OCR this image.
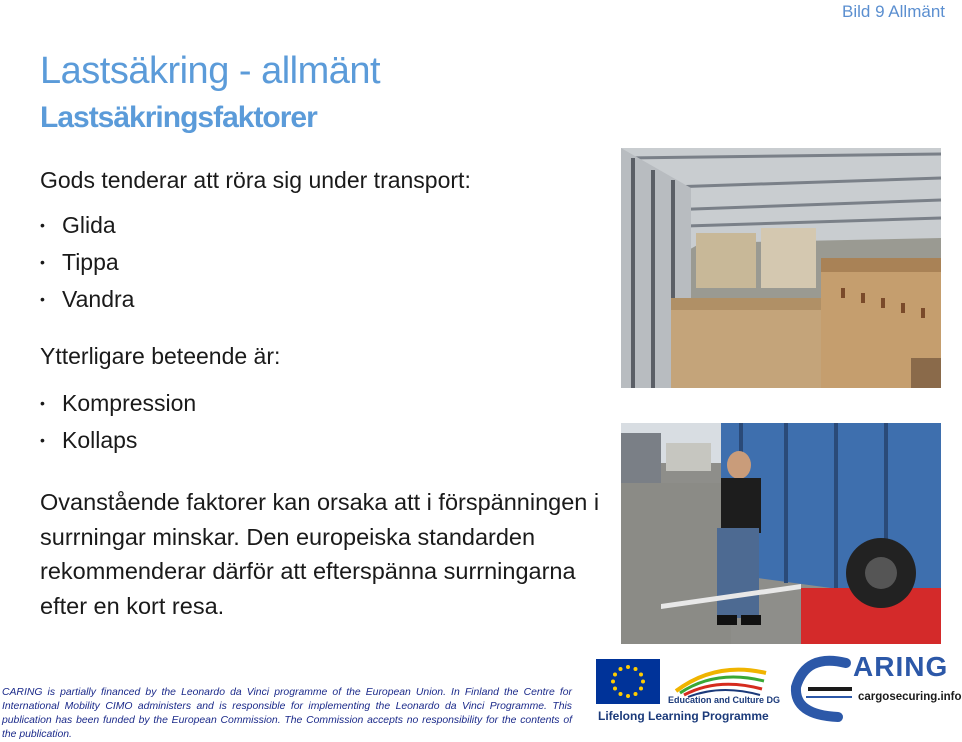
Bild 9 Allmänt
Lastsäkring - allmänt
Lastsäkringsfaktorer
Gods tenderar att röra sig under transport:
• Glida
• Tippa
• Vandra
Ytterligare beteende är:
• Kompression
• Kollaps
Ovanstående faktorer kan orsaka att i förspänningen i surrningar minskar. Den europeiska standarden rekommenderar därför att efterspänna surrningarna efter en kort resa.
CARING is partially financed by the Leonardo da Vinci programme of the European Union. In Finland the Centre for International Mobility CIMO administers and is responsible for implementing the Leonardo da Vinci Programme. This publication has been funded by the European Commission. The Commission accepts no responsibility for the contents of the publication.
Education and Culture DG
Lifelong Learning Programme
ARING
cargosecuring.info
